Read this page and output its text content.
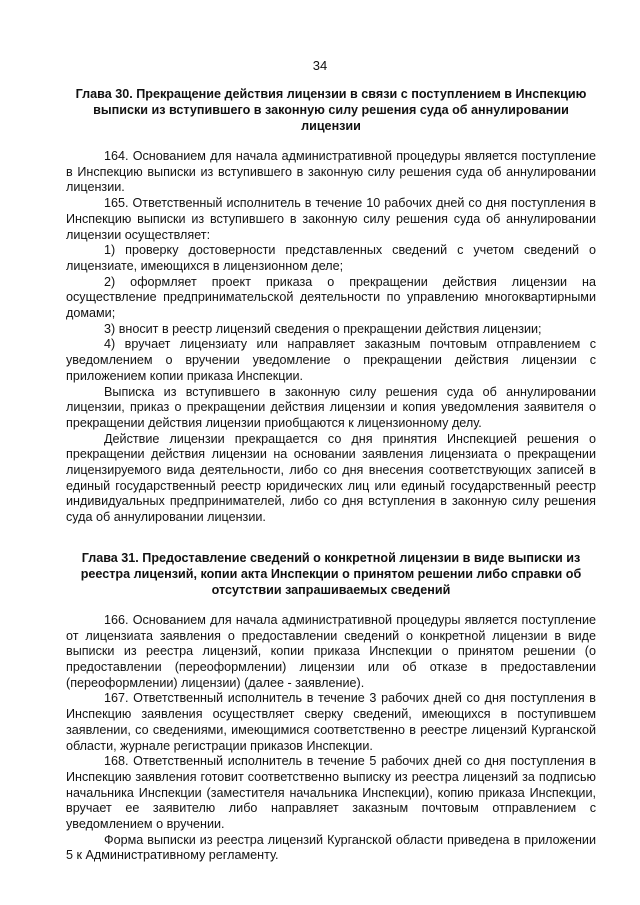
34
Глава 30. Прекращение действия лицензии в связи с поступлением в Инспекцию выписки из вступившего в законную силу решения суда об аннулировании лицензии

164. Основанием для начала административной процедуры является поступление в Инспекцию выписки из вступившего в законную силу решения суда об аннулировании лицензии.

165. Ответственный исполнитель в течение 10 рабочих дней со дня поступления в Инспекцию выписки из вступившего в законную силу решения суда об аннулировании лицензии осуществляет:

1) проверку достоверности представленных сведений с учетом сведений о лицензиате, имеющихся в лицензионном деле;

2) оформляет проект приказа о прекращении действия лицензии на осуществление предпринимательской деятельности по управлению многоквартирными домами;

3) вносит в реестр лицензий сведения о прекращении действия лицензии;

4) вручает лицензиату или направляет заказным почтовым отправлением с уведомлением о вручении уведомление о прекращении действия лицензии с приложением копии приказа Инспекции.

Выписка из вступившего в законную силу решения суда об аннулировании лицензии, приказ о прекращении действия лицензии и копия уведомления заявителя о прекращении действия лицензии приобщаются к лицензионному делу.

Действие лицензии прекращается со дня принятия Инспекцией решения о прекращении действия лицензии на основании заявления лицензиата о прекращении лицензируемого вида деятельности, либо со дня внесения соответствующих записей в единый государственный реестр юридических лиц или единый государственный реестр индивидуальных предпринимателей, либо со дня вступления в законную силу решения суда об аннулировании лицензии.

Глава 31. Предоставление сведений о конкретной лицензии в виде выписки из реестра лицензий, копии акта Инспекции о принятом решении либо справки об отсутствии запрашиваемых сведений

166. Основанием для начала административной процедуры является поступление от лицензиата заявления о предоставлении сведений о конкретной лицензии в виде выписки из реестра лицензий, копии приказа Инспекции о принятом решении (о предоставлении (переоформлении) лицензии или об отказе в предоставлении (переоформлении) лицензии) (далее - заявление).

167. Ответственный исполнитель в течение 3 рабочих дней со дня поступления в Инспекцию заявления осуществляет сверку сведений, имеющихся в поступившем заявлении, со сведениями, имеющимися соответственно в реестре лицензий Курганской области, журнале регистрации приказов Инспекции.

168. Ответственный исполнитель в течение 5 рабочих дней со дня поступления в Инспекцию заявления готовит соответственно выписку из реестра лицензий за подписью начальника Инспекции (заместителя начальника Инспекции), копию приказа Инспекции, вручает ее заявителю либо направляет заказным почтовым отправлением с уведомлением о вручении.

Форма выписки из реестра лицензий Курганской области приведена в приложении 5 к Административному регламенту.
